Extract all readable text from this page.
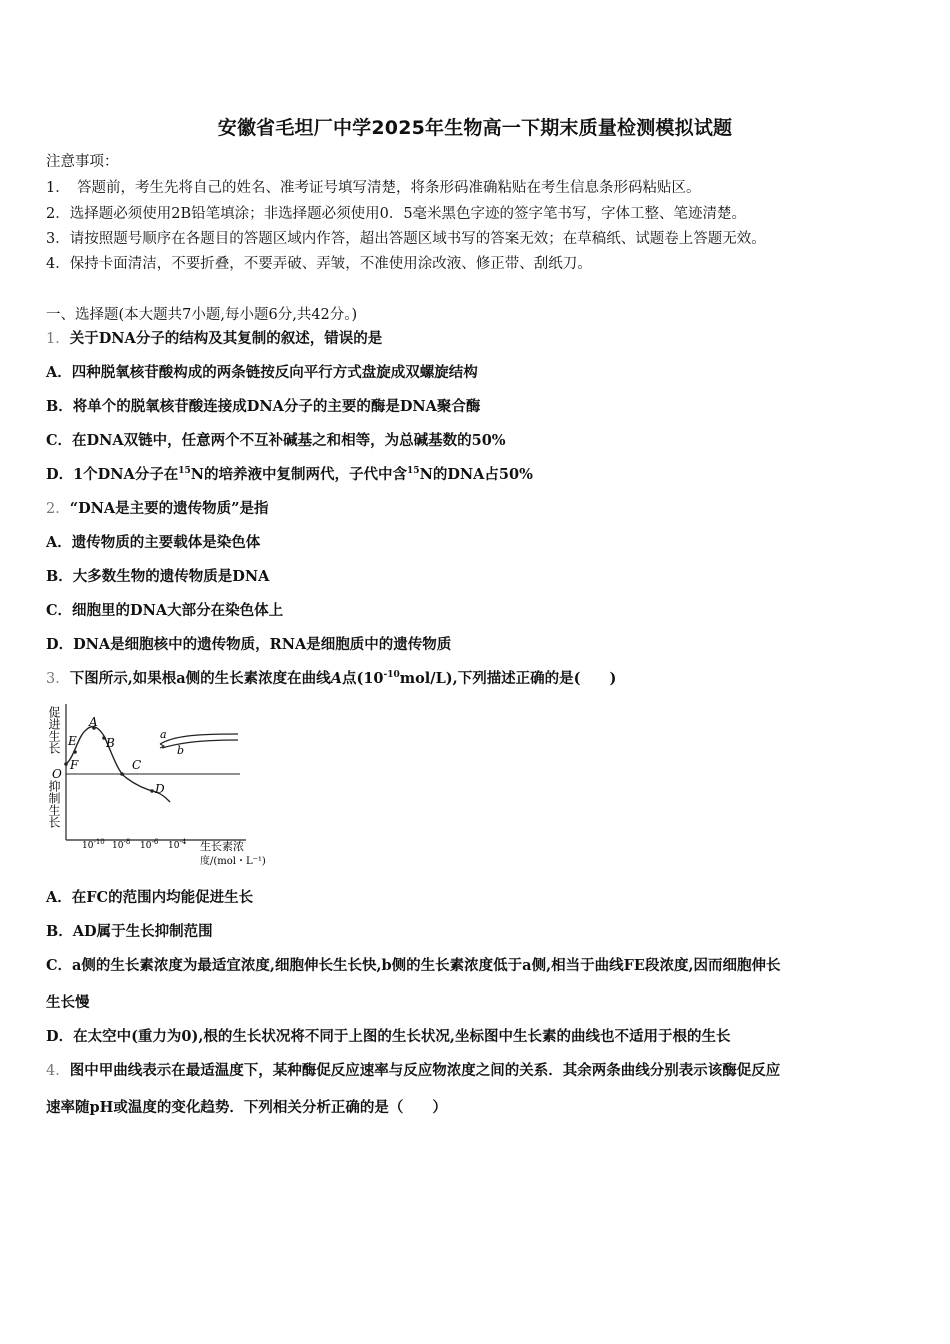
安徽省毛坦厂中学2025年生物高一下期末质量检测模拟试题
注意事项：
1．　答题前，考生先将自己的姓名、准考证号填写清楚，将条形码准确粘贴在考生信息条形码粘贴区。
2．选择题必须使用2B铅笔填涂；非选择题必须使用0．5毫米黑色字迹的签字笔书写，字体工整、笔迹清楚。
3．请按照题号顺序在各题目的答题区域内作答，超出答题区域书写的答案无效；在草稿纸、试题卷上答题无效。
4．保持卡面清洁，不要折叠，不要弄破、弄皱，不准使用涂改液、修正带、刮纸刀。
一、选择题(本大题共7小题,每小题6分,共42分。)
1．关于DNA分子的结构及其复制的叙述，错误的是
A．四种脱氧核苷酸构成的两条链按反向平行方式盘旋成双螺旋结构
B．将单个的脱氧核苷酸连接成DNA分子的主要的酶是DNA聚合酶
C．在DNA双链中，任意两个不互补碱基之和相等，为总碱基数的50%
D．1个DNA分子在$^{15}$N的培养液中复制两代，子代中含$^{15}$N的DNA占50%
2．“DNA是主要的遗传物质”是指
A．遗传物质的主要载体是染色体
B．大多数生物的遗传物质是DNA
C．细胞里的DNA大部分在染色体上
D．DNA是细胞核中的遗传物质，RNA是细胞质中的遗传物质
3．下图所示,如果根a侧的生长素浓度在曲线A点$(10^{-10}mol/L)$,下列描述正确的是(　　)
促进生长
抑制生长
O
A
B
C
D
E
F
a
b
$10^{-10}$ $10^{-8}$ $10^{-6}$ $10^{-4}$ 生长素浓
度/(mol・L⁻¹)
A．在FC的范围内均能促进生长
B．AD属于生长抑制范围
C．a侧的生长素浓度为最适宜浓度,细胞伸长生长快,b侧的生长素浓度低于a侧,相当于曲线FE段浓度,因而细胞伸长
生长慢
D．在太空中(重力为0),根的生长状况将不同于上图的生长状况,坐标图中生长素的曲线也不适用于根的生长
4．图中甲曲线表示在最适温度下，某种酶促反应速率与反应物浓度之间的关系．其余两条曲线分别表示该酶促反应
速率随pH或温度的变化趋势．下列相关分析正确的是（　　）
